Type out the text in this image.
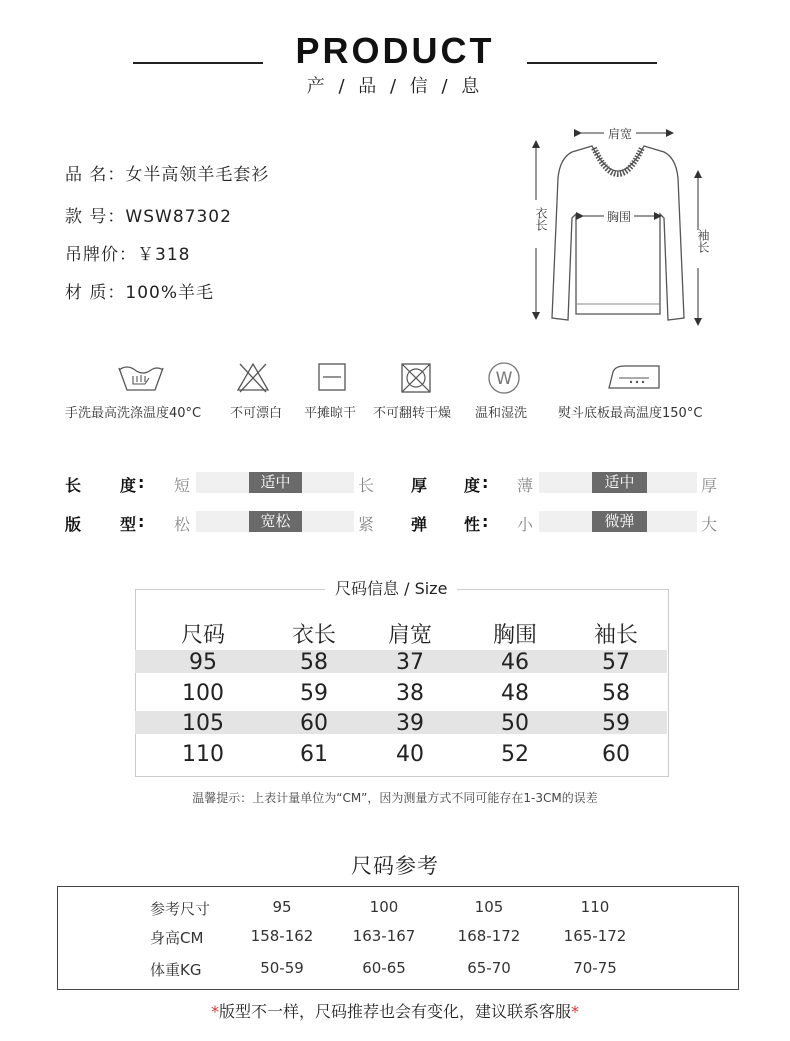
PRODUCT
产 / 品 / 信 / 息
品 名：女半高领羊毛套衫
款 号：WSW87302
吊牌价：￥318
材 质：100%羊毛
肩宽
胸围
衣长
袖长
W
手洗最高洗涤温度40°C 不可漂白 平摊晾干 不可翻转干燥 温和湿洗 熨斗底板最高温度150°C
长 度 : 短	适中	长 厚 度 : 薄	适中	厚
版 型 : 松	宽松	紧 弹 性 : 小	微弹	大
尺码信息 / Size
尺码	衣长	肩宽	胸围	袖长
95	58	37	46	57
100	59	38	48	58
105	60	39	50	59
110	61	40	52	60
温馨提示：上表计量单位为“CM”，因为测量方式不同可能存在1-3CM的误差
尺码参考
参考尺寸	95	100	105	110
身高CM	158-162	163-167	168-172	165-172
体重KG	50-59	60-65	65-70	70-75
*版型不一样，尺码推荐也会有变化，建议联系客服*
